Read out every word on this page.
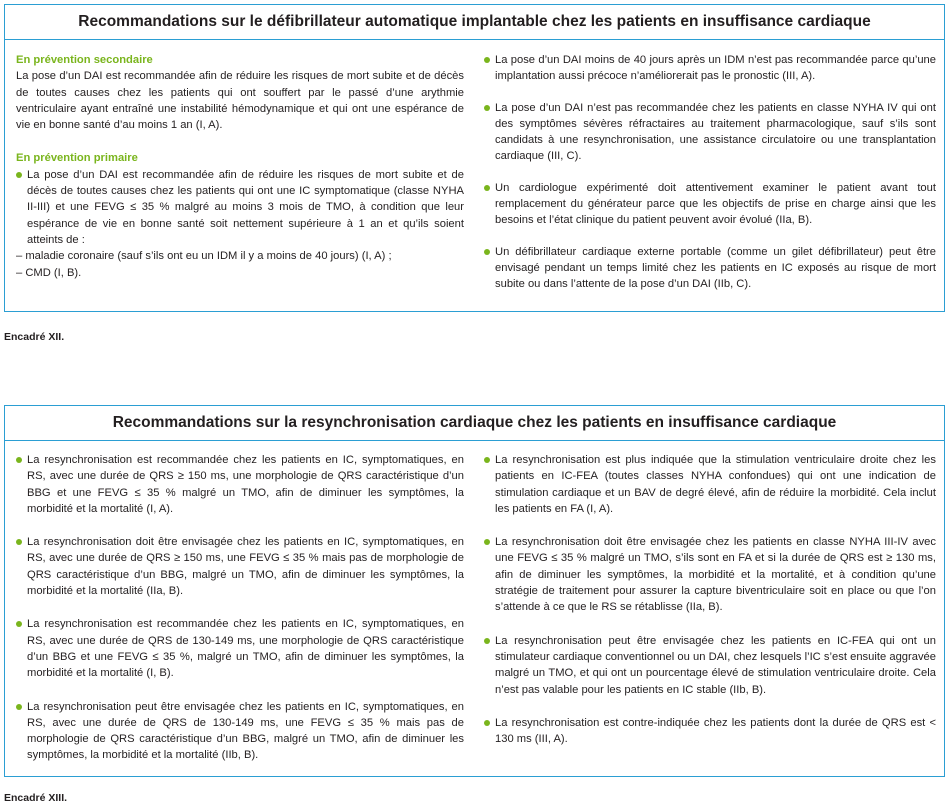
Recommandations sur le défibrillateur automatique implantable chez les patients en insuffisance cardiaque
En prévention secondaire
La pose d’un DAI est recommandée afin de réduire les risques de mort subite et de décès de toutes causes chez les patients qui ont souffert par le passé d’une arythmie ventriculaire ayant entraîné une instabilité hémodynamique et qui ont une espérance de vie en bonne santé d’au moins 1 an (I, A).
En prévention primaire
La pose d’un DAI est recommandée afin de réduire les risques de mort subite et de décès de toutes causes chez les patients qui ont une IC symptomatique (classe NYHA II-III) et une FEVG ≤ 35 % malgré au moins 3 mois de TMO, à condition que leur espérance de vie en bonne santé soit nettement supérieure à 1 an et qu’ils soient atteints de :
– maladie coronaire (sauf s’ils ont eu un IDM il y a moins de 40 jours) (I, A) ;
– CMD (I, B).
La pose d’un DAI moins de 40 jours après un IDM n’est pas recommandée parce qu’une implantation aussi précoce n’améliorerait pas le pronostic (III, A).
La pose d’un DAI n’est pas recommandée chez les patients en classe NYHA IV qui ont des symptômes sévères réfractaires au traitement pharmacologique, sauf s’ils sont candidats à une resynchronisation, une assistance circulatoire ou une transplantation cardiaque (III, C).
Un cardiologue expérimenté doit attentivement examiner le patient avant tout remplacement du générateur parce que les objectifs de prise en charge ainsi que les besoins et l’état clinique du patient peuvent avoir évolué (IIa, B).
Un défibrillateur cardiaque externe portable (comme un gilet défibrillateur) peut être envisagé pendant un temps limité chez les patients en IC exposés au risque de mort subite ou dans l’attente de la pose d’un DAI (IIb, C).
Encadré XII.
Recommandations sur la resynchronisation cardiaque chez les patients en insuffisance cardiaque
La resynchronisation est recommandée chez les patients en IC, symptomatiques, en RS, avec une durée de QRS ≥ 150 ms, une morphologie de QRS caractéristique d’un BBG et une FEVG ≤ 35 % malgré un TMO, afin de diminuer les symptômes, la morbidité et la mortalité (I, A).
La resynchronisation doit être envisagée chez les patients en IC, symptomatiques, en RS, avec une durée de QRS ≥ 150 ms, une FEVG ≤ 35 % mais pas de morphologie de QRS caractéristique d’un BBG, malgré un TMO, afin de diminuer les symptômes, la morbidité et la mortalité (IIa, B).
La resynchronisation est recommandée chez les patients en IC, symptomatiques, en RS, avec une durée de QRS de 130-149 ms, une morphologie de QRS caractéristique d’un BBG et une FEVG ≤ 35 %, malgré un TMO, afin de diminuer les symptômes, la morbidité et la mortalité (I, B).
La resynchronisation peut être envisagée chez les patients en IC, symptomatiques, en RS, avec une durée de QRS de 130-149 ms, une FEVG ≤ 35 % mais pas de morphologie de QRS caractéristique d’un BBG, malgré un TMO, afin de diminuer les symptômes, la morbidité et la mortalité (IIb, B).
La resynchronisation est plus indiquée que la stimulation ventriculaire droite chez les patients en IC-FEA (toutes classes NYHA confondues) qui ont une indication de stimulation cardiaque et un BAV de degré élevé, afin de réduire la morbidité. Cela inclut les patients en FA (I, A).
La resynchronisation doit être envisagée chez les patients en classe NYHA III-IV avec une FEVG ≤ 35 % malgré un TMO, s’ils sont en FA et si la durée de QRS est ≥ 130 ms, afin de diminuer les symptômes, la morbidité et la mortalité, et à condition qu’une stratégie de traitement pour assurer la capture biventriculaire soit en place ou que l’on s’attende à ce que le RS se rétablisse (IIa, B).
La resynchronisation peut être envisagée chez les patients en IC-FEA qui ont un stimulateur cardiaque conventionnel ou un DAI, chez lesquels l’IC s’est ensuite aggravée malgré un TMO, et qui ont un pourcentage élevé de stimulation ventriculaire droite. Cela n’est pas valable pour les patients en IC stable (IIb, B).
La resynchronisation est contre-indiquée chez les patients dont la durée de QRS est < 130 ms (III, A).
Encadré XIII.
